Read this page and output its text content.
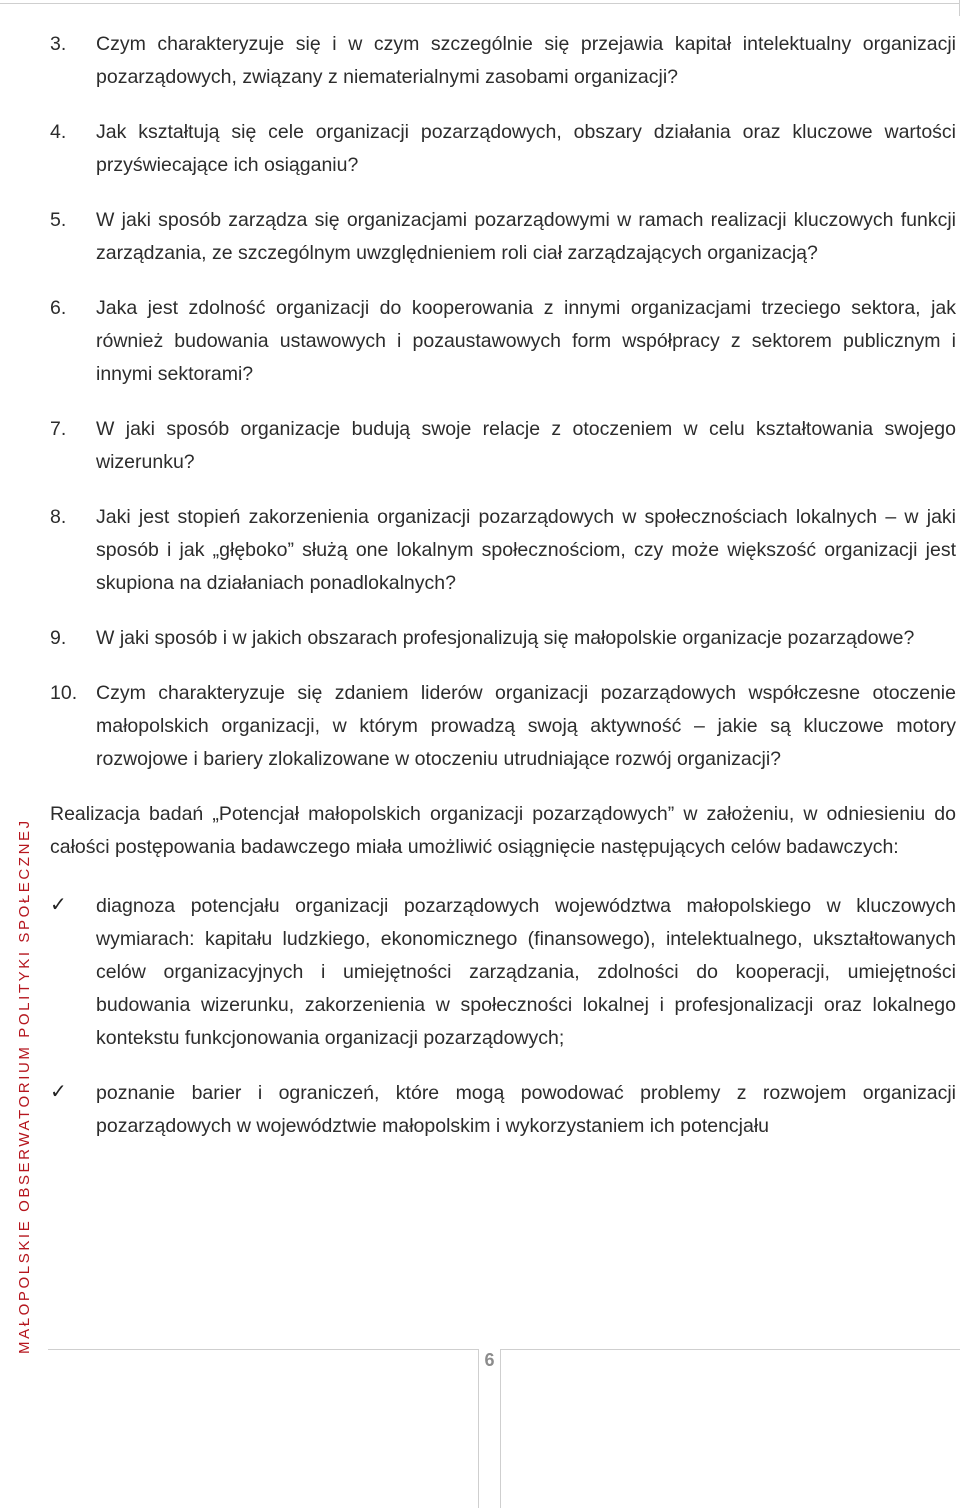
MAŁOPOLSKIE OBSERWATORIUM POLITYKI SPOŁECZNEJ
3.	Czym charakteryzuje się i w czym szczególnie się przejawia kapitał intelektualny organizacji pozarządowych, związany z niematerialnymi zasobami organizacji?
4.	Jak kształtują się cele organizacji pozarządowych, obszary działania oraz kluczowe wartości przyświecające ich osiąganiu?
5.	W jaki sposób zarządza się organizacjami pozarządowymi w ramach realizacji kluczowych funkcji zarządzania, ze szczególnym uwzględnieniem roli ciał zarządzających organizacją?
6.	Jaka jest zdolność organizacji do kooperowania z innymi organizacjami trzeciego sektora, jak również budowania ustawowych i pozaustawowych form współpracy z sektorem publicznym i innymi sektorami?
7.	W jaki sposób organizacje budują swoje relacje z otoczeniem w celu kształtowania swojego wizerunku?
8.	Jaki jest stopień zakorzenienia organizacji pozarządowych w społecznościach lokalnych – w jaki sposób i jak „głęboko” służą one lokalnym społecznościom, czy może większość organizacji jest skupiona na działaniach ponadlokalnych?
9.	W jaki sposób i w jakich obszarach profesjonalizują się małopolskie organizacje pozarządowe?
10. Czym charakteryzuje się zdaniem liderów organizacji pozarządowych współczesne otoczenie małopolskich organizacji, w którym prowadzą swoją aktywność – jakie są kluczowe motory rozwojowe i bariery zlokalizowane w otoczeniu utrudniające rozwój organizacji?

Realizacja badań „Potencjał małopolskich organizacji pozarządowych” w założeniu, w odniesieniu do całości postępowania badawczego miała umożliwić osiągnięcie następujących celów badawczych:

✓	diagnoza potencjału organizacji pozarządowych województwa małopolskiego w kluczowych wymiarach: kapitału ludzkiego, ekonomicznego (finansowego), intelektualnego, ukształtowanych celów organizacyjnych i umiejętności zarządzania, zdolności do kooperacji, umiejętności budowania wizerunku, zakorzenienia w społeczności lokalnej i profesjonalizacji oraz lokalnego kontekstu funkcjonowania organizacji pozarządowych;
✓	poznanie barier i ograniczeń, które mogą powodować problemy z rozwojem organizacji pozarządowych w województwie małopolskim i wykorzystaniem ich potencjału
6
